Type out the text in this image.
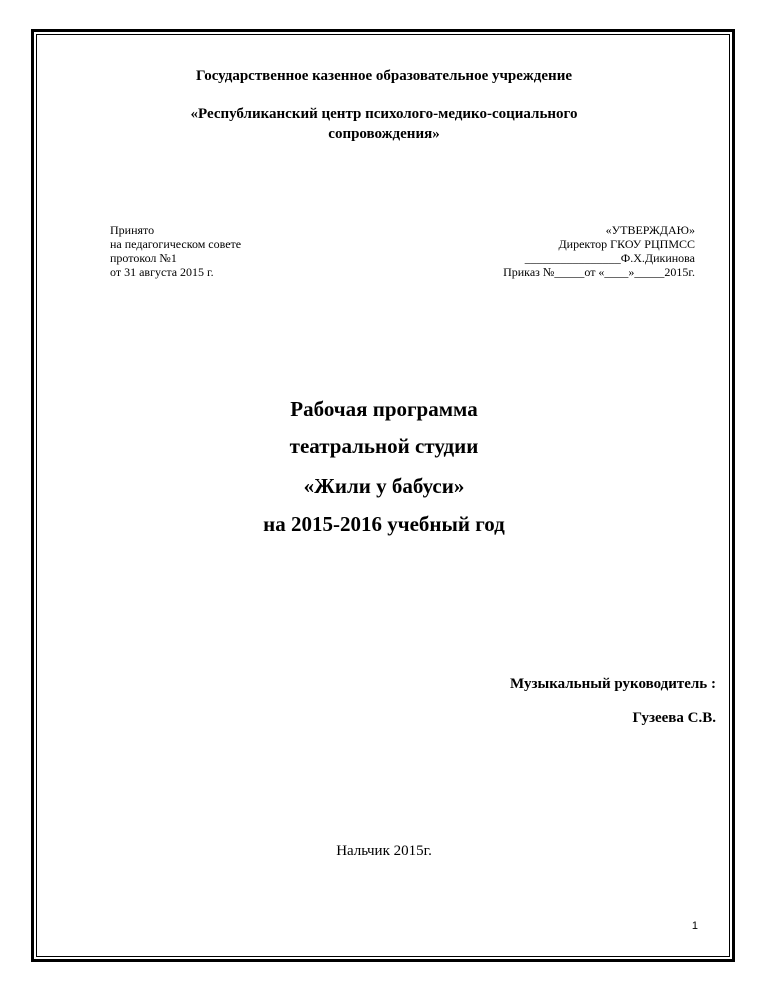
Государственное казенное образовательное учреждение
«Республиканский центр психолого-медико-социального
сопровождения»
Принято
на педагогическом совете
протокол №1
от 31 августа 2015 г.
«УТВЕРЖДАЮ»
Директор ГКОУ РЦПМСС
________________Ф.Х.Дикинова
Приказ №_____от «____»_____2015г.
Рабочая программа
театральной студии
«Жили у бабуси»
на 2015-2016 учебный год
Музыкальный руководитель :
Гузеева С.В.
Нальчик 2015г.
1
